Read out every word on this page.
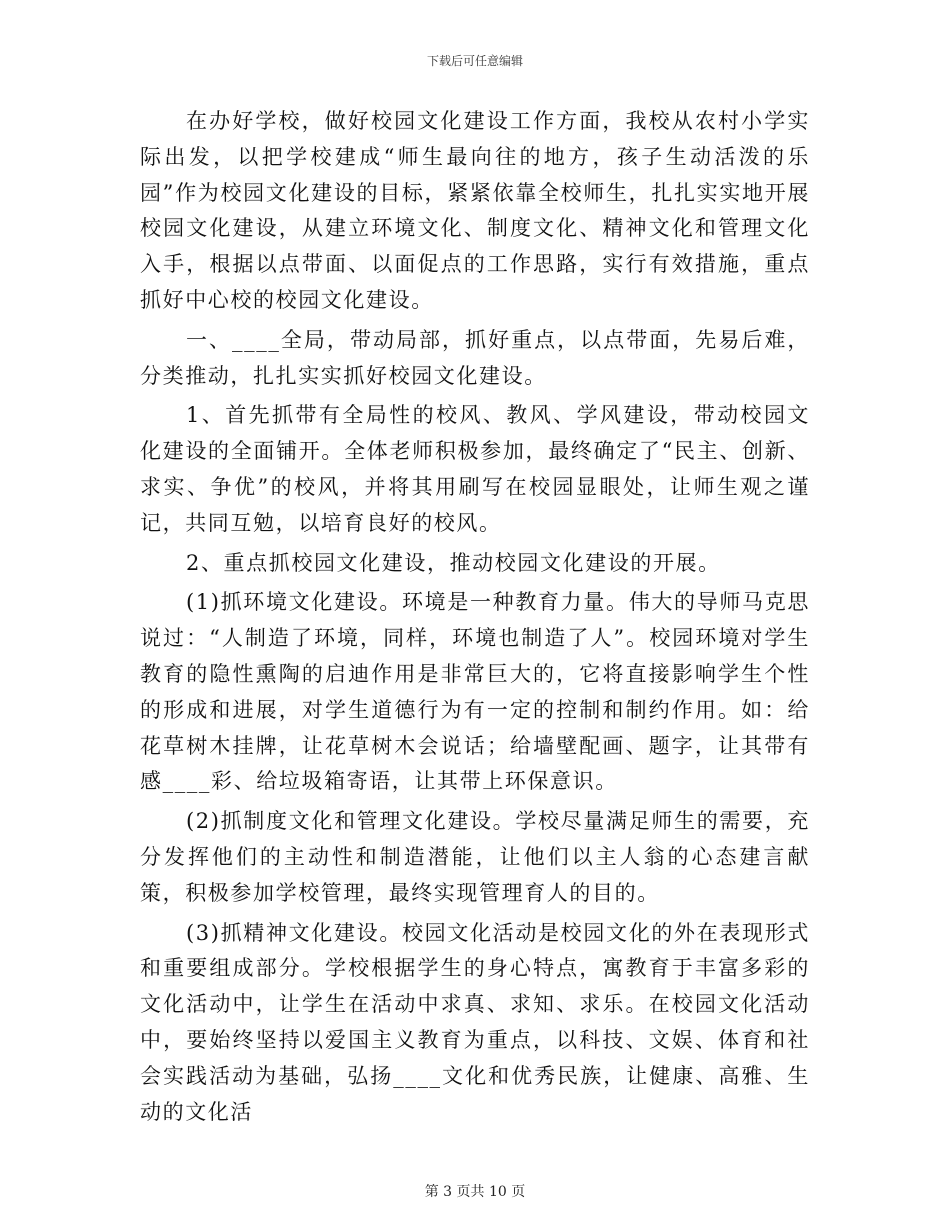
下载后可任意编辑

在办好学校，做好校园文化建设工作方面，我校从农村小学实际出发，以把学校建成“师生最向往的地方，孩子生动活泼的乐园”作为校园文化建设的目标，紧紧依靠全校师生，扎扎实实地开展校园文化建设，从建立环境文化、制度文化、精神文化和管理文化入手，根据以点带面、以面促点的工作思路，实行有效措施，重点抓好中心校的校园文化建设。

一、____全局，带动局部，抓好重点，以点带面，先易后难，分类推动，扎扎实实抓好校园文化建设。

1、首先抓带有全局性的校风、教风、学风建设，带动校园文化建设的全面铺开。全体老师积极参加，最终确定了“民主、创新、求实、争优”的校风，并将其用刷写在校园显眼处，让师生观之谨记，共同互勉，以培育良好的校风。

2、重点抓校园文化建设，推动校园文化建设的开展。

(1)抓环境文化建设。环境是一种教育力量。伟大的导师马克思说过：“人制造了环境，同样，环境也制造了人”。校园环境对学生教育的隐性熏陶的启迪作用是非常巨大的，它将直接影响学生个性的形成和进展，对学生道德行为有一定的控制和制约作用。如：给花草树木挂牌，让花草树木会说话；给墙壁配画、题字，让其带有感____彩、给垃圾箱寄语，让其带上环保意识。

(2)抓制度文化和管理文化建设。学校尽量满足师生的需要，充分发挥他们的主动性和制造潜能，让他们以主人翁的心态建言献策，积极参加学校管理，最终实现管理育人的目的。

(3)抓精神文化建设。校园文化活动是校园文化的外在表现形式和重要组成部分。学校根据学生的身心特点，寓教育于丰富多彩的文化活动中，让学生在活动中求真、求知、求乐。在校园文化活动中，要始终坚持以爱国主义教育为重点，以科技、文娱、体育和社会实践活动为基础，弘扬____文化和优秀民族，让健康、高雅、生动的文化活

第 3 页共 10 页
